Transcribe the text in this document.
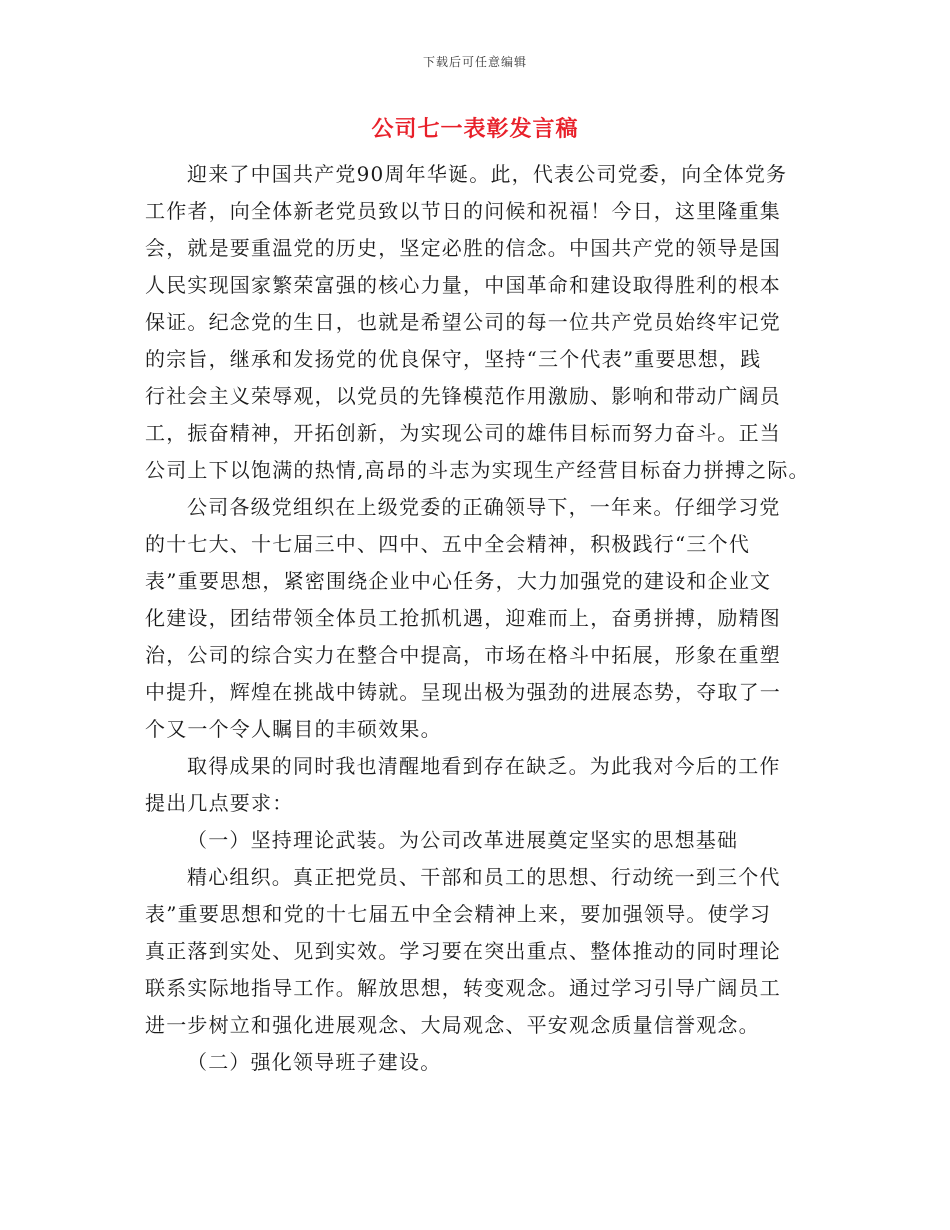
下载后可任意编辑
公司七一表彰发言稿
迎来了中国共产党90周年华诞。此，代表公司党委，向全体党务
工作者，向全体新老党员致以节日的问候和祝福！今日，这里隆重集
会，就是要重温党的历史，坚定必胜的信念。中国共产党的领导是国
人民实现国家繁荣富强的核心力量，中国革命和建设取得胜利的根本
保证。纪念党的生日，也就是希望公司的每一位共产党员始终牢记党
的宗旨，继承和发扬党的优良保守，坚持“三个代表”重要思想，践
行社会主义荣辱观，以党员的先锋模范作用激励、影响和带动广阔员
工，振奋精神，开拓创新，为实现公司的雄伟目标而努力奋斗。正当
公司上下以饱满的热情,高昂的斗志为实现生产经营目标奋力拼搏之际。
公司各级党组织在上级党委的正确领导下，一年来。仔细学习党
的十七大、十七届三中、四中、五中全会精神，积极践行“三个代
表”重要思想，紧密围绕企业中心任务，大力加强党的建设和企业文
化建设，团结带领全体员工抢抓机遇，迎难而上，奋勇拼搏，励精图
治，公司的综合实力在整合中提高，市场在格斗中拓展，形象在重塑
中提升，辉煌在挑战中铸就。呈现出极为强劲的进展态势，夺取了一
个又一个令人瞩目的丰硕效果。
取得成果的同时我也清醒地看到存在缺乏。为此我对今后的工作
提出几点要求：
（一）坚持理论武装。为公司改革进展奠定坚实的思想基础
精心组织。真正把党员、干部和员工的思想、行动统一到三个代
表”重要思想和党的十七届五中全会精神上来，要加强领导。使学习
真正落到实处、见到实效。学习要在突出重点、整体推动的同时理论
联系实际地指导工作。解放思想，转变观念。通过学习引导广阔员工
进一步树立和强化进展观念、大局观念、平安观念质量信誉观念。
（二）强化领导班子建设。
